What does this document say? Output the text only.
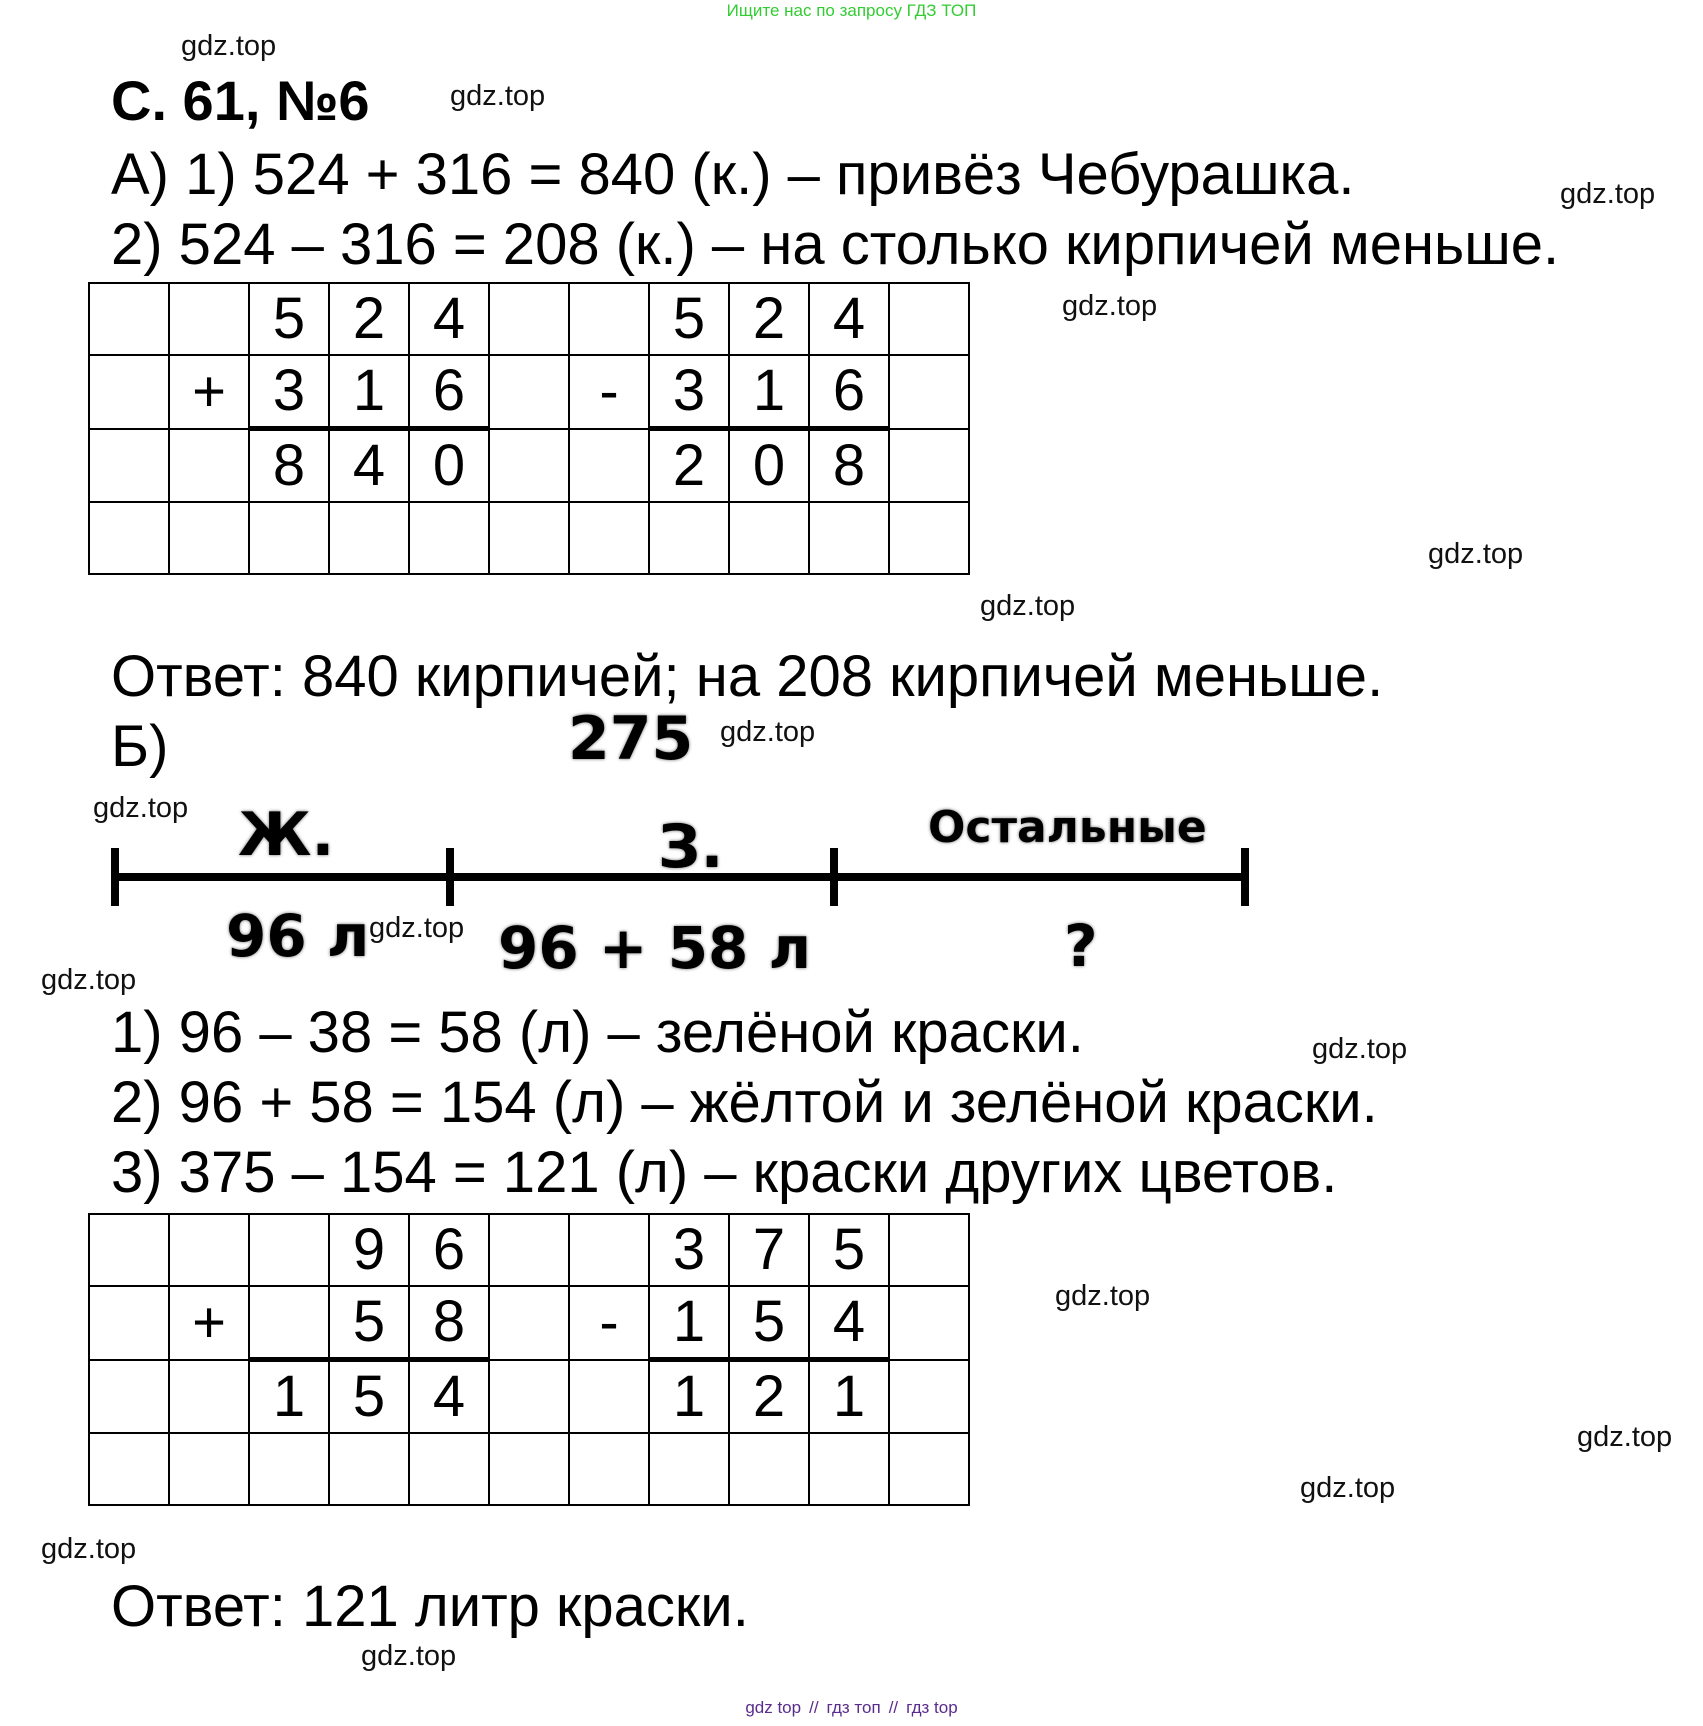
Ищите нас по запросу ГДЗ ТОП
gdz.top
gdz.top
gdz.top
gdz.top
gdz.top
gdz.top
gdz.top
gdz.top
gdz.top
gdz.top
gdz.top
gdz.top
gdz.top
gdz.top
gdz.top
gdz.top
С. 61, №6
А) 1) 524 + 316 = 840 (к.) – привёз Чебурашка.
2) 524 – 316 = 208 (к.) – на столько кирпичей меньше.
		5	2	4			5	2	4	
	+	3	1	6		-	3	1	6	
		8	4	0			2	0	8	

Ответ: 840 кирпичей; на 208 кирпичей меньше.
Б)	275
Ж.	З.	Остальные
96 л 96 + 58 л	?
1) 96 – 38 = 58 (л) – зелёной краски.
2) 96 + 58 = 154 (л) – жёлтой и зелёной краски.
3) 375 – 154 = 121 (л) – краски других цветов.
			9	6			3	7	5	
	+		5	8		-	1	5	4	
		1	5	4			1	2	1	

Ответ: 121 литр краски.
gdz top // гдз топ // гдз top
